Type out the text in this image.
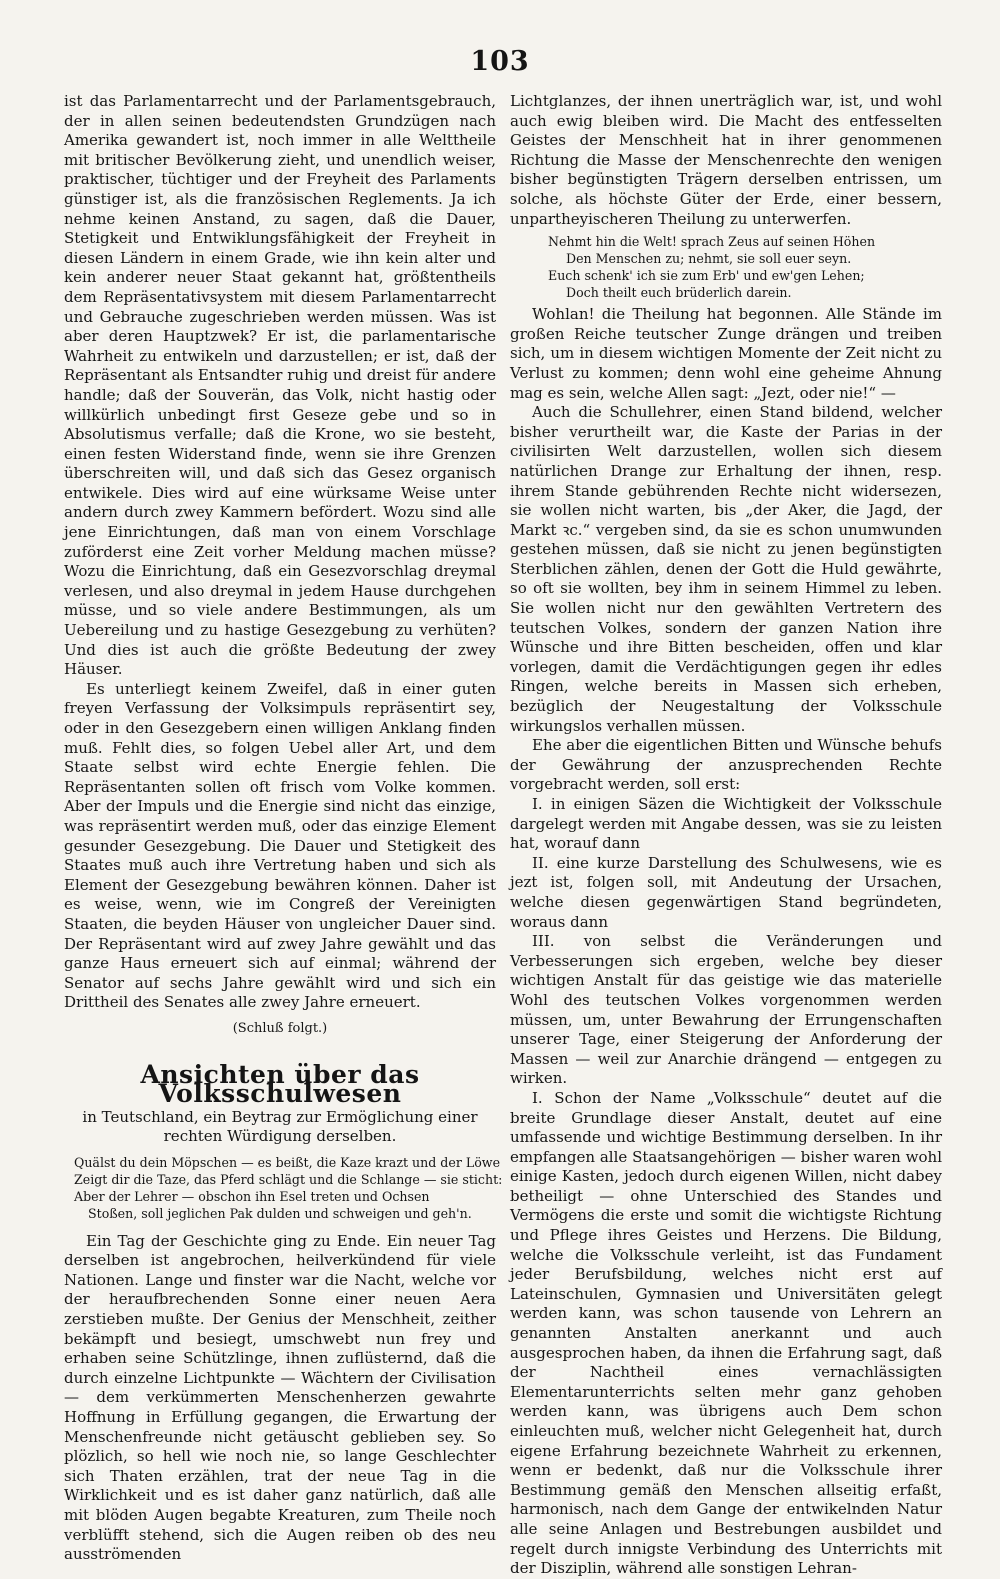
103

ist das Parlamentarrecht und der Parlamentsgebrauch, der in allen seinen bedeutendsten Grundzügen nach Amerika gewandert ist, noch immer in alle Welttheile mit britischer Bevölkerung zieht, und unendlich weiser, praktischer, tüchtiger und der Freyheit des Parlaments günstiger ist, als die französischen Reglements. Ja ich nehme keinen Anstand, zu sagen, daß die Dauer, Stetigkeit und Entwiklungsfähigkeit der Freyheit in diesen Ländern in einem Grade, wie ihn kein alter und kein anderer neuer Staat gekannt hat, größtentheils dem Repräsentativsystem mit diesem Parlamentarrecht und Gebrauche zugeschrieben werden müssen. Was ist aber deren Hauptzwek? Er ist, die parlamentarische Wahrheit zu entwikeln und darzustellen; er ist, daß der Repräsentant als Entsandter ruhig und dreist für andere handle; daß der Souverän, das Volk, nicht hastig oder willkürlich unbedingt first Geseze gebe und so in Absolutismus verfalle; daß die Krone, wo sie besteht, einen festen Widerstand finde, wenn sie ihre Grenzen überschreiten will, und daß sich das Gesez organisch entwikele. Dies wird auf eine würksame Weise unter andern durch zwey Kammern befördert. Wozu sind alle jene Einrichtungen, daß man von einem Vorschlage zuförderst eine Zeit vorher Meldung machen müsse? Wozu die Einrichtung, daß ein Gesezvorschlag dreymal verlesen, und also dreymal in jedem Hause durchgehen müsse, und so viele andere Bestimmungen, als um Uebereilung und zu hastige Gesezgebung zu verhüten? Und dies ist auch die größte Bedeutung der zwey Häuser.

Es unterliegt keinem Zweifel, daß in einer guten freyen Verfassung der Volksimpuls repräsentirt sey, oder in den Gesezgebern einen willigen Anklang finden muß. Fehlt dies, so folgen Uebel aller Art, und dem Staate selbst wird echte Energie fehlen. Die Repräsentanten sollen oft frisch vom Volke kommen. Aber der Impuls und die Energie sind nicht das einzige, was repräsentirt werden muß, oder das einzige Element gesunder Gesezgebung. Die Dauer und Stetigkeit des Staates muß auch ihre Vertretung haben und sich als Element der Gesezgebung bewähren können. Daher ist es weise, wenn, wie im Congreß der Vereinigten Staaten, die beyden Häuser von ungleicher Dauer sind. Der Repräsentant wird auf zwey Jahre gewählt und das ganze Haus erneuert sich auf einmal; während der Senator auf sechs Jahre gewählt wird und sich ein Drittheil des Senates alle zwey Jahre erneuert.

(Schluß folgt.)

Ansichten über das Volksschulwesen
in Teutschland, ein Beytrag zur Ermöglichung einer rechten Würdigung derselben.
Quälst du dein Möpschen — es beißt, die Kaze krazt und der Löwe
Zeigt dir die Taze, das Pferd schlägt und die Schlange — sie sticht:
Aber der Lehrer — obschon ihn Esel treten und Ochsen
Stoßen, soll jeglichen Pak dulden und schweigen und geh'n.

Ein Tag der Geschichte ging zu Ende. Ein neuer Tag derselben ist angebrochen, heilverkündend für viele Nationen. Lange und finster war die Nacht, welche vor der heraufbrechenden Sonne einer neuen Aera zerstieben mußte. Der Genius der Menschheit, zeither bekämpft und besiegt, umschwebt nun frey und erhaben seine Schützlinge, ihnen zuflüsternd, daß die durch einzelne Lichtpunkte — Wächtern der Civilisation — dem verkümmerten Menschenherzen gewahrte Hoffnung in Erfüllung gegangen, die Erwartung der Menschenfreunde nicht getäuscht geblieben sey. So plözlich, so hell wie noch nie, so lange Geschlechter sich Thaten erzählen, trat der neue Tag in die Wirklichkeit und es ist daher ganz natürlich, daß alle mit blöden Augen begabte Kreaturen, zum Theile noch verblüfft stehend, sich die Augen reiben ob des neu ausströmenden

Lichtglanzes, der ihnen unerträglich war, ist, und wohl auch ewig bleiben wird. Die Macht des entfesselten Geistes der Menschheit hat in ihrer genommenen Richtung die Masse der Menschenrechte den wenigen bisher begünstigten Trägern derselben entrissen, um solche, als höchste Güter der Erde, einer bessern, unpartheyischeren Theilung zu unterwerfen.

Nehmt hin die Welt! sprach Zeus auf seinen Höhen
Den Menschen zu; nehmt, sie soll euer seyn.
Euch schenk' ich sie zum Erb' und ew'gen Lehen;
Doch theilt euch brüderlich darein.

Wohlan! die Theilung hat begonnen. Alle Stände im großen Reiche teutscher Zunge drängen und treiben sich, um in diesem wichtigen Momente der Zeit nicht zu Verlust zu kommen; denn wohl eine geheime Ahnung mag es sein, welche Allen sagt: „Jezt, oder nie!“ —

Auch die Schullehrer, einen Stand bildend, welcher bisher verurtheilt war, die Kaste der Parias in der civilisirten Welt darzustellen, wollen sich diesem natürlichen Drange zur Erhaltung der ihnen, resp. ihrem Stande gebührenden Rechte nicht widersezen, sie wollen nicht warten, bis „der Aker, die Jagd, der Markt ꝛc.“ vergeben sind, da sie es schon unumwunden gestehen müssen, daß sie nicht zu jenen begünstigten Sterblichen zählen, denen der Gott die Huld gewährte, so oft sie wollten, bey ihm in seinem Himmel zu leben. Sie wollen nicht nur den gewählten Vertretern des teutschen Volkes, sondern der ganzen Nation ihre Wünsche und ihre Bitten bescheiden, offen und klar vorlegen, damit die Verdächtigungen gegen ihr edles Ringen, welche bereits in Massen sich erheben, bezüglich der Neugestaltung der Volksschule wirkungslos verhallen müssen.

Ehe aber die eigentlichen Bitten und Wünsche behufs der Gewährung der anzusprechenden Rechte vorgebracht werden, soll erst:

I. in einigen Säzen die Wichtigkeit der Volksschule dargelegt werden mit Angabe dessen, was sie zu leisten hat, worauf dann

II. eine kurze Darstellung des Schulwesens, wie es jezt ist, folgen soll, mit Andeutung der Ursachen, welche diesen gegenwärtigen Stand begründeten, woraus dann

III. von selbst die Veränderungen und Verbesserungen sich ergeben, welche bey dieser wichtigen Anstalt für das geistige wie das materielle Wohl des teutschen Volkes vorgenommen werden müssen, um, unter Bewahrung der Errungenschaften unserer Tage, einer Steigerung der Anforderung der Massen — weil zur Anarchie drängend — entgegen zu wirken.

I. Schon der Name „Volksschule“ deutet auf die breite Grundlage dieser Anstalt, deutet auf eine umfassende und wichtige Bestimmung derselben. In ihr empfangen alle Staatsangehörigen — bisher waren wohl einige Kasten, jedoch durch eigenen Willen, nicht dabey betheiligt — ohne Unterschied des Standes und Vermögens die erste und somit die wichtigste Richtung und Pflege ihres Geistes und Herzens. Die Bildung, welche die Volksschule verleiht, ist das Fundament jeder Berufsbildung, welches nicht erst auf Lateinschulen, Gymnasien und Universitäten gelegt werden kann, was schon tausende von Lehrern an genannten Anstalten anerkannt und auch ausgesprochen haben, da ihnen die Erfahrung sagt, daß der Nachtheil eines vernachlässigten Elementarunterrichts selten mehr ganz gehoben werden kann, was übrigens auch Dem schon einleuchten muß, welcher nicht Gelegenheit hat, durch eigene Erfahrung bezeichnete Wahrheit zu erkennen, wenn er bedenkt, daß nur die Volksschule ihrer Bestimmung gemäß den Menschen allseitig erfaßt, harmonisch, nach dem Gange der entwikelnden Natur alle seine Anlagen und Bestrebungen ausbildet und regelt durch innigste Verbindung des Unterrichts mit der Disziplin, während alle sonstigen Lehran-
